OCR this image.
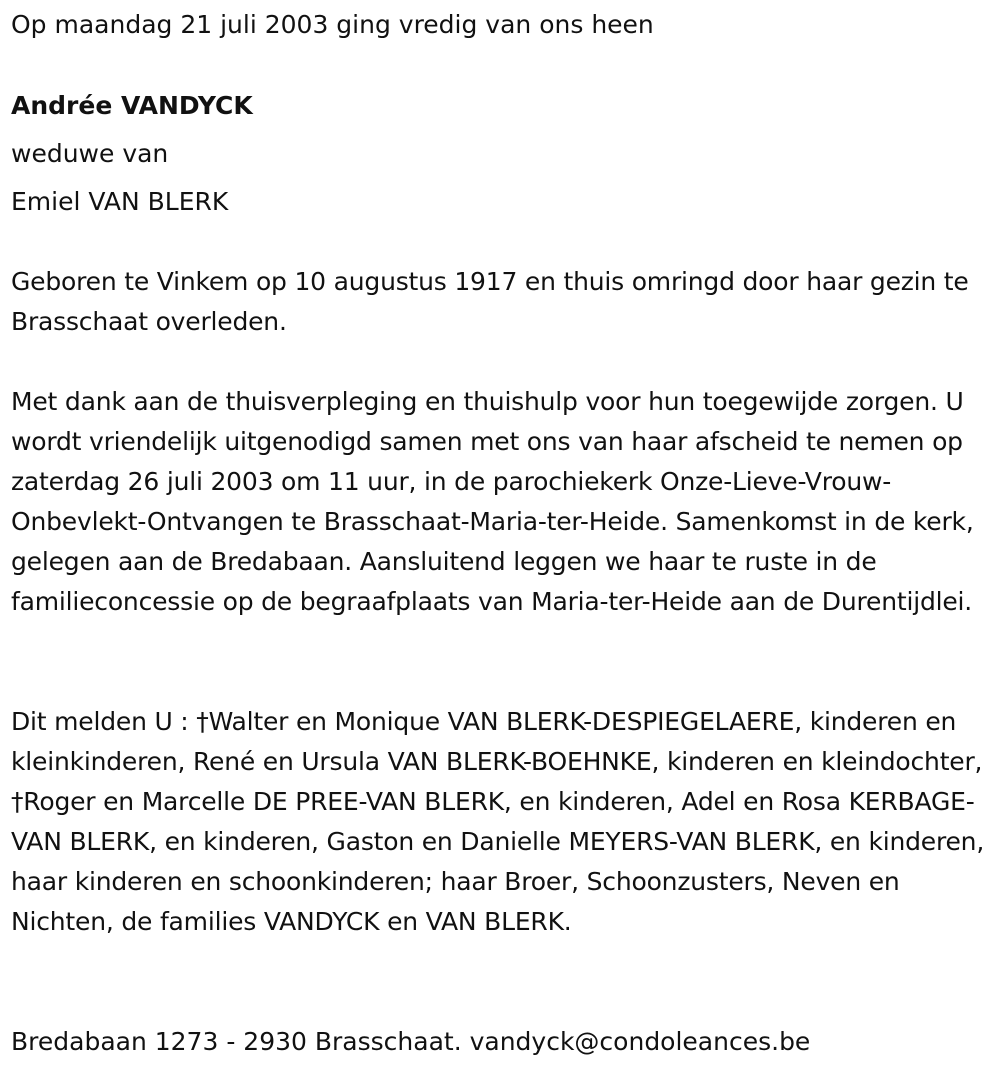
Op maandag 21 juli 2003 ging vredig van ons heen

Andrée VANDYCK

weduwe van

Emiel VAN BLERK

Geboren te Vinkem op 10 augustus 1917 en thuis omringd door haar gezin te Brasschaat overleden.

Met dank aan de thuisverpleging en thuishulp voor hun toegewijde zorgen. U wordt vriendelijk uitgenodigd samen met ons van haar afscheid te nemen op zaterdag 26 juli 2003 om 11 uur, in de parochiekerk Onze-Lieve-Vrouw-Onbevlekt-Ontvangen te Brasschaat-Maria-ter-Heide. Samenkomst in de kerk, gelegen aan de Bredabaan. Aansluitend leggen we haar te ruste in de familieconcessie op de begraafplaats van Maria-ter-Heide aan de Durentijdlei.

Dit melden U : †Walter en Monique VAN BLERK-DESPIEGELAERE, kinderen en kleinkinderen, René en Ursula VAN BLERK-BOEHNKE, kinderen en kleindochter, †Roger en Marcelle DE PREE-VAN BLERK, en kinderen, Adel en Rosa KERBAGE-VAN BLERK, en kinderen, Gaston en Danielle MEYERS-VAN BLERK, en kinderen, haar kinderen en schoonkinderen; haar Broer, Schoonzusters, Neven en Nichten, de families VANDYCK en VAN BLERK.

Bredabaan 1273 - 2930 Brasschaat. vandyck@condoleances.be
